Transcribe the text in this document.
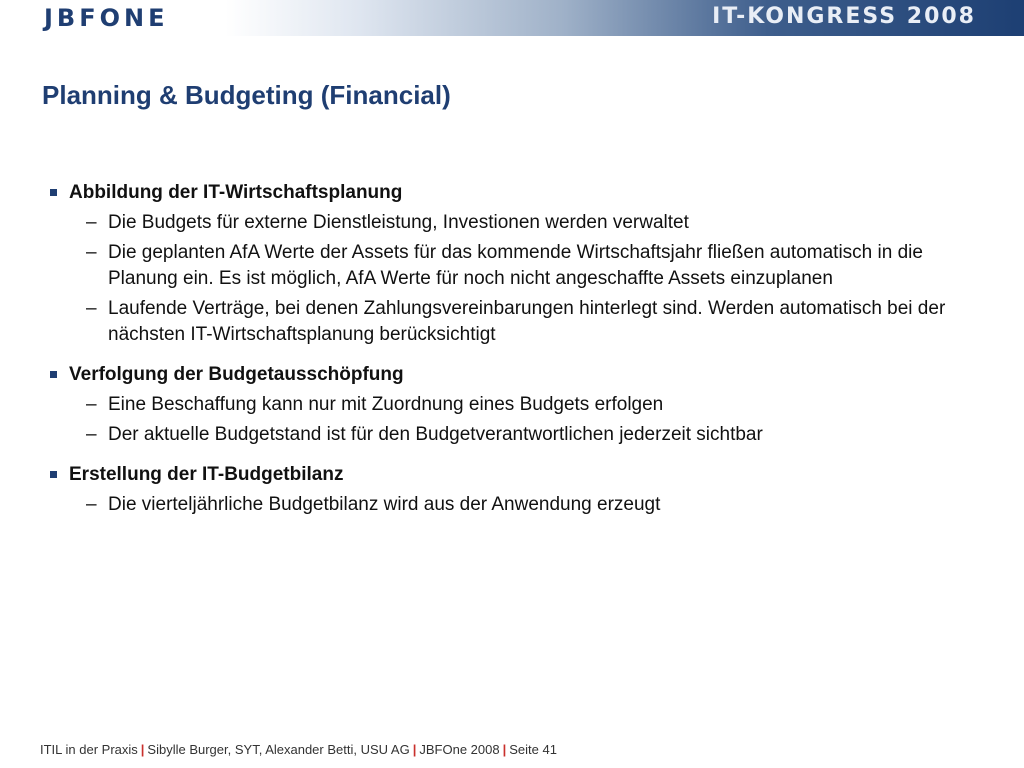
JBFONE	IT-KONGRESS 2008
Planning & Budgeting (Financial)
Abbildung der IT-Wirtschaftsplanung
– Die Budgets für externe Dienstleistung, Investionen werden verwaltet
– Die geplanten AfA Werte der Assets für das kommende Wirtschaftsjahr fließen automatisch in die Planung ein. Es ist möglich, AfA Werte für noch nicht angeschaffte Assets einzuplanen
– Laufende Verträge, bei denen Zahlungsvereinbarungen hinterlegt sind. Werden automatisch bei der nächsten IT-Wirtschaftsplanung berücksichtigt
Verfolgung der Budgetausschöpfung
– Eine Beschaffung kann nur mit Zuordnung eines Budgets erfolgen
– Der aktuelle Budgetstand ist für den Budgetverantwortlichen jederzeit sichtbar
Erstellung der IT-Budgetbilanz
– Die vierteljährliche Budgetbilanz wird aus der Anwendung erzeugt
ITIL in der Praxis | Sibylle Burger, SYT, Alexander Betti, USU AG | JBFOne 2008 | Seite 41
